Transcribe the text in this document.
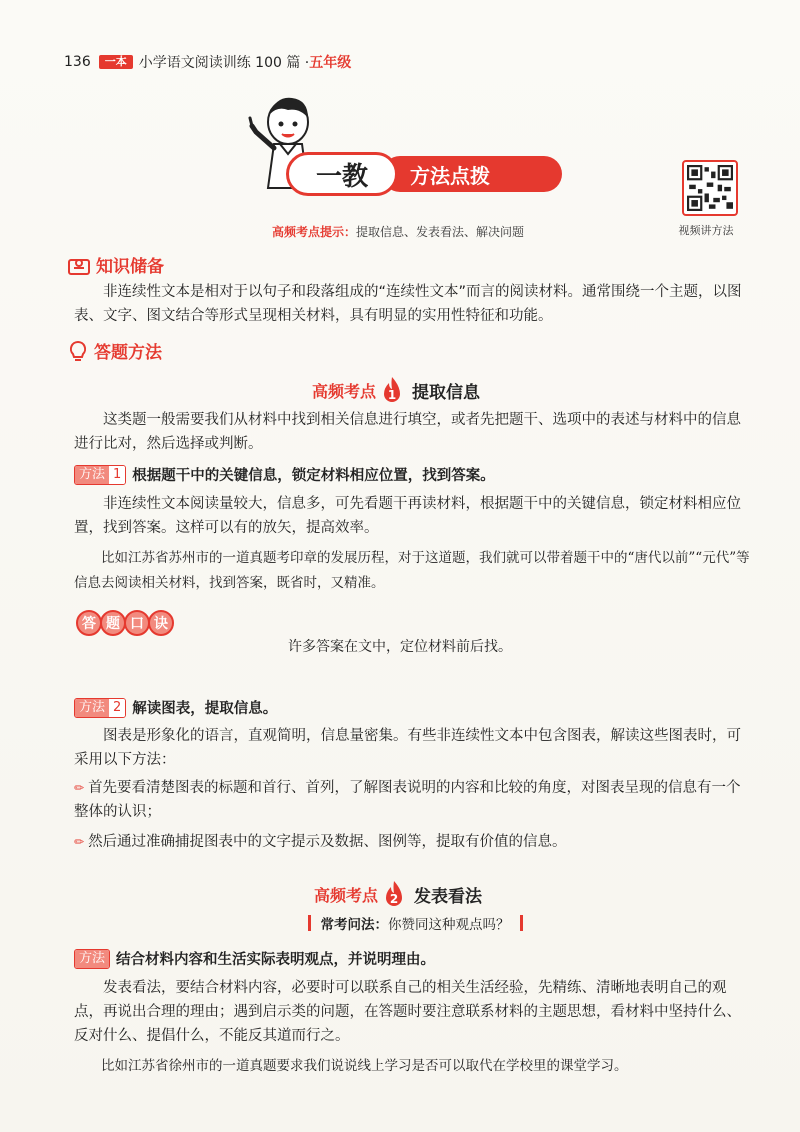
136	一本 小学语文阅读训练 100 篇 · 五年级
方法点拨
一教
高频考点提示：提取信息、发表看法、解决问题	视频讲方法
知识储备

非连续性文本是相对于以句子和段落组成的“连续性文本”而言的阅读材料。通常围绕一个主题，以图表、文字、图文结合等形式呈现相关材料，具有明显的实用性特征和功能。

答题方法
高频考点 1 提取信息

这类题一般需要我们从材料中找到相关信息进行填空，或者先把题干、选项中的表述与材料中的信息进行比对，然后选择或判断。

方法 1 根据题干中的关键信息，锁定材料相应位置，找到答案。

非连续性文本阅读量较大，信息多，可先看题干再读材料，根据题干中的关键信息，锁定材料相应位置，找到答案。这样可以有的放矢，提高效率。

比如江苏省苏州市的一道真题考印章的发展历程，对于这道题，我们就可以带着题干中的“唐代以前”“元代”等信息去阅读相关材料，找到答案，既省时，又精准。

答 题 口 诀
许多答案在文中，定位材料前后找。
方法 2 解读图表，提取信息。

图表是形象化的语言，直观简明，信息量密集。有些非连续性文本中包含图表，解读这些图表时，可采用以下方法：

✏ 首先要看清楚图表的标题和首行、首列，了解图表说明的内容和比较的角度，对图表呈现的信息有一个整体的认识；

✏ 然后通过准确捕捉图表中的文字提示及数据、图例等，提取有价值的信息。

高频考点 2 发表看法
常考问法：你赞同这种观点吗？
方法 结合材料内容和生活实际表明观点，并说明理由。

发表看法，要结合材料内容，必要时可以联系自己的相关生活经验，先精练、清晰地表明自己的观点，再说出合理的理由；遇到启示类的问题，在答题时要注意联系材料的主题思想，看材料中坚持什么、反对什么、提倡什么，不能反其道而行之。

比如江苏省徐州市的一道真题要求我们说说线上学习是否可以取代在学校里的课堂学习。
